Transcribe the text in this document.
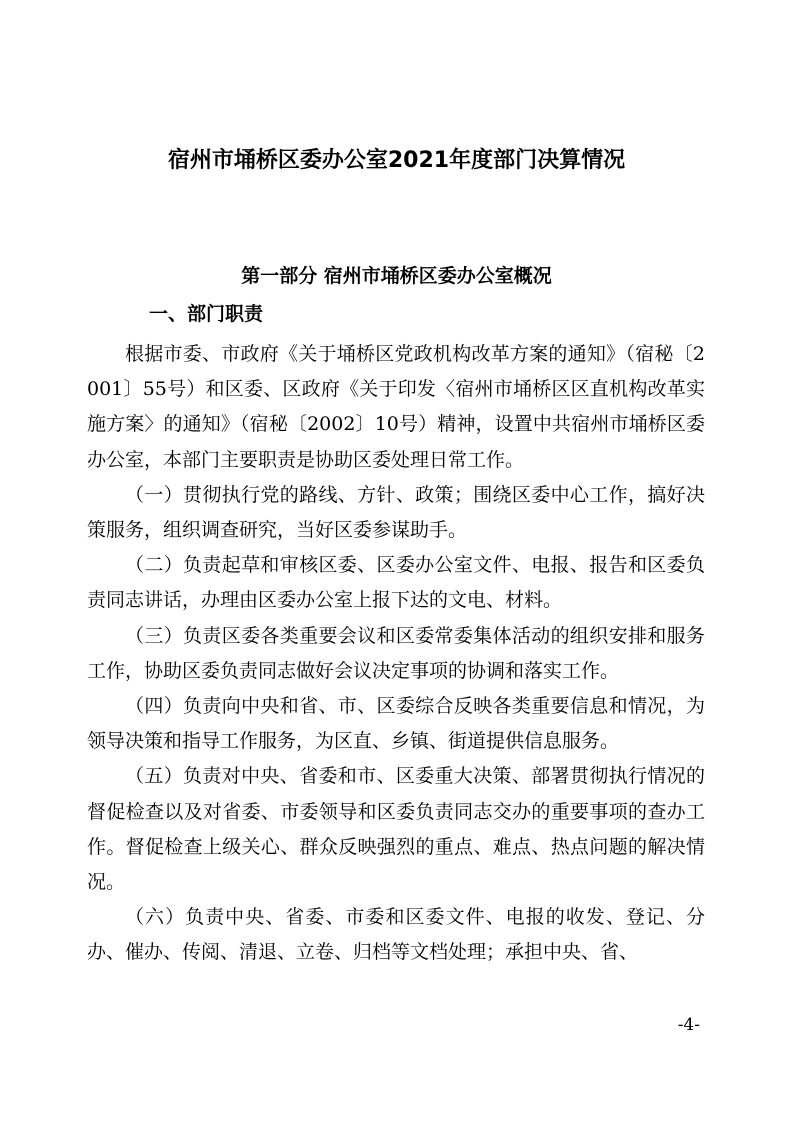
宿州市埇桥区委办公室2021年度部门决算情况
第一部分 宿州市埇桥区委办公室概况
一、部门职责

根据市委、市政府《关于埇桥区党政机构改革方案的通知》（宿秘〔2001〕55号）和区委、区政府《关于印发〈宿州市埇桥区区直机构改革实施方案〉的通知》（宿秘〔2002〕10号）精神，设置中共宿州市埇桥区委办公室，本部门主要职责是协助区委处理日常工作。

（一）贯彻执行党的路线、方针、政策；围绕区委中心工作，搞好决策服务，组织调查研究，当好区委参谋助手。

（二）负责起草和审核区委、区委办公室文件、电报、报告和区委负责同志讲话，办理由区委办公室上报下达的文电、材料。

（三）负责区委各类重要会议和区委常委集体活动的组织安排和服务工作，协助区委负责同志做好会议决定事项的协调和落实工作。

（四）负责向中央和省、市、区委综合反映各类重要信息和情况，为领导决策和指导工作服务，为区直、乡镇、街道提供信息服务。

（五）负责对中央、省委和市、区委重大决策、部署贯彻执行情况的督促检查以及对省委、市委领导和区委负责同志交办的重要事项的查办工作。督促检查上级关心、群众反映强烈的重点、难点、热点问题的解决情况。

（六）负责中央、省委、市委和区委文件、电报的收发、登记、分办、催办、传阅、清退、立卷、归档等文档处理；承担中央、省、

-4-
